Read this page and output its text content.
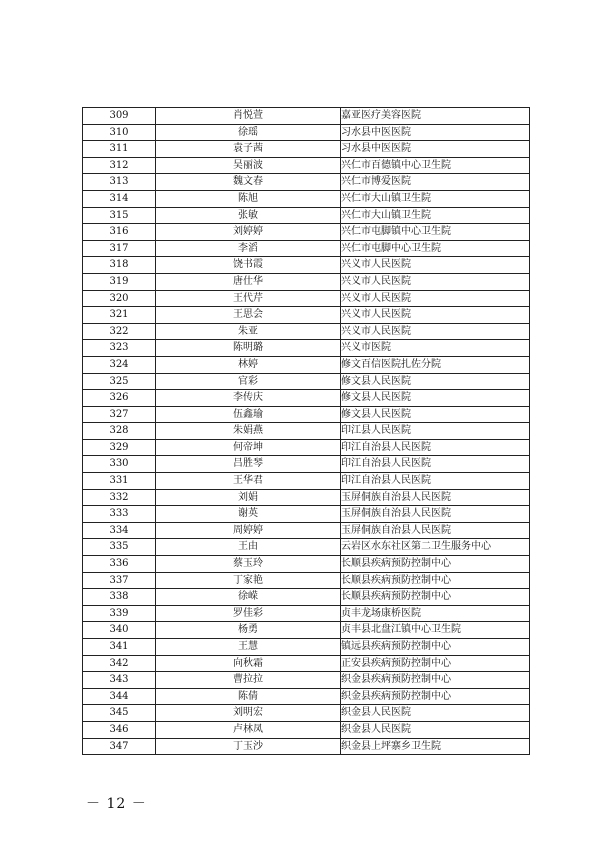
309	肖悦萱	嘉亚医疗美容医院
310	徐瑶	习水县中医医院
311	袁子茜	习水县中医医院
312	吴丽波	兴仁市百德镇中心卫生院
313	魏文春	兴仁市博爱医院
314	陈旭	兴仁市大山镇卫生院
315	张敏	兴仁市大山镇卫生院
316	刘婷婷	兴仁市屯脚镇中心卫生院
317	李滔	兴仁市屯脚中心卫生院
318	饶书霞	兴义市人民医院
319	唐仕华	兴义市人民医院
320	王代芹	兴义市人民医院
321	王思会	兴义市人民医院
322	朱亚	兴义市人民医院
323	陈明璐	兴义市医院
324	林婷	修文百信医院扎佐分院
325	官彩	修文县人民医院
326	李传庆	修文县人民医院
327	伍鑫瑜	修文县人民医院
328	朱娟燕	印江县人民医院
329	何帝坤	印江自治县人民医院
330	吕胜琴	印江自治县人民医院
331	王华君	印江自治县人民医院
332	刘娟	玉屏侗族自治县人民医院
333	谢英	玉屏侗族自治县人民医院
334	周婷婷	玉屏侗族自治县人民医院
335	王由	云岩区水东社区第二卫生服务中心
336	蔡玉玲	长顺县疾病预防控制中心
337	丁家艳	长顺县疾病预防控制中心
338	徐嵘	长顺县疾病预防控制中心
339	罗佳彩	贞丰龙场康桥医院
340	杨勇	贞丰县北盘江镇中心卫生院
341	王慧	镇远县疾病预防控制中心
342	向秋霜	正安县疾病预防控制中心
343	曹拉拉	织金县疾病预防控制中心
344	陈倩	织金县疾病预防控制中心
345	刘明宏	织金县人民医院
346	卢林凤	织金县人民医院
347	丁玉沙	织金县上坪寨乡卫生院
－ 12 －
